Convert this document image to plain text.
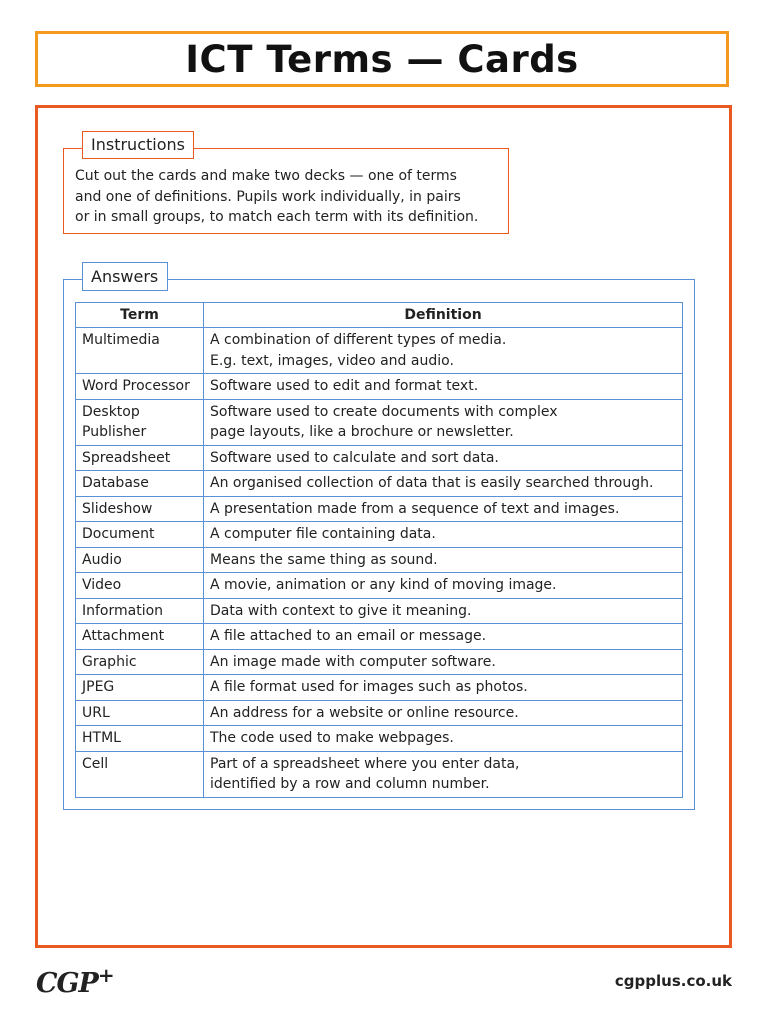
ICT Terms — Cards
Instructions

Cut out the cards and make two decks — one of terms
and one of definitions. Pupils work individually, in pairs
or in small groups, to match each term with its definition.

Answers
Term	Definition

Multimedia	A combination of different types of media.
E.g. text, images, video and audio.

Word Processor	Software used to edit and format text.

Desktop
Publisher	Software used to create documents with complex
page layouts, like a brochure or newsletter.

Spreadsheet	Software used to calculate and sort data.

Database	An organised collection of data that is easily searched through.

Slideshow	A presentation made from a sequence of text and images.

Document	A computer file containing data.

Audio	Means the same thing as sound.

Video	A movie, animation or any kind of moving image.

Information	Data with context to give it meaning.

Attachment	A file attached to an email or message.

Graphic	An image made with computer software.

JPEG	A file format used for images such as photos.

URL	An address for a website or online resource.

HTML	The code used to make webpages.

Cell	Part of a spreadsheet where you enter data,
identified by a row and column number.
CGP+	cgpplus.co.uk
